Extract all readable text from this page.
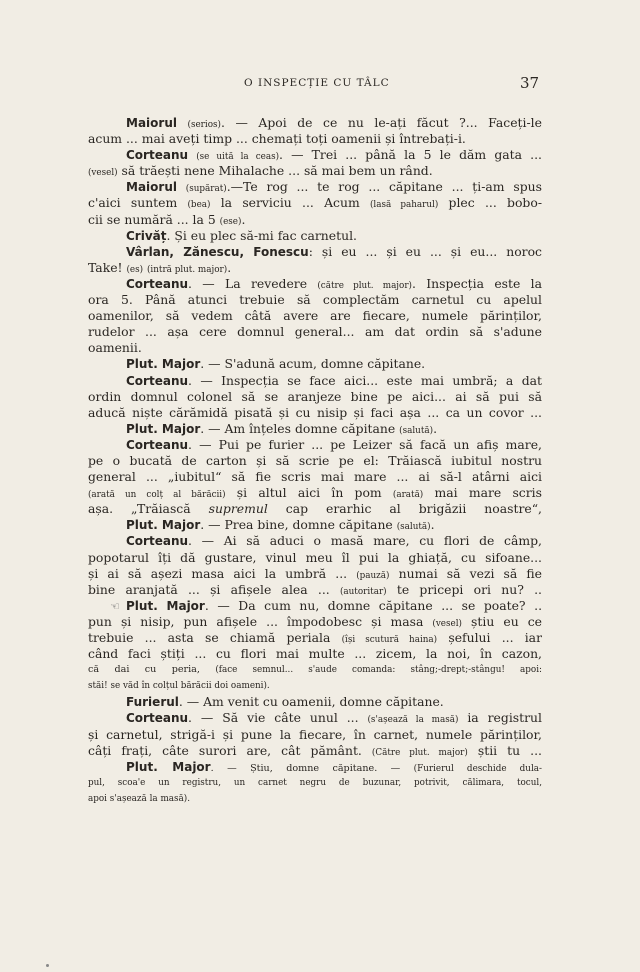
O INSPECȚIE CU TÂLC	37
Maiorul (serios). — Apoi de ce nu le-ați făcut ?... Faceți-le
acum ... mai aveți timp ... chemați toți oamenii și întrebați-i.
Corteanu (se uită la ceas). — Trei ... până la 5 le dăm gata ...
(vesel) să trăești nene Mihalache ... să mai bem un rând.
Maiorul (supărat).—Te rog ... te rog ... căpitane ... ți-am spus
c'aici suntem (bea) la serviciu ... Acum (lasă paharul) plec ... bobo-
cii se numără ... la 5 (ese).
Crivăț. Și eu plec să-mi fac carnetul.
Vârlan, Zănescu, Fonescu: și eu ... și eu ... și eu... noroc
Take! (es) (intră plut. major).
Corteanu. — La revedere (către plut. major). Inspecția este la
ora 5. Până atunci trebuie să complectăm carnetul cu apelul
oamenilor, să vedem câtă avere are fiecare, numele părinților,
rudelor ... așa cere domnul general... am dat ordin să s'adune
oamenii.
Plut. Major. — S'adună acum, domne căpitane.
Corteanu. — Inspecția se face aici... este mai umbră; a dat
ordin domnul colonel să se aranjeze bine pe aici... ai să pui să
aducă niște cărămidă pisată și cu nisip și faci așa ... ca un covor ...
Plut. Major. — Am înțeles domne căpitane (salută).
Corteanu. — Pui pe furier ... pe Leizer să facă un afiș mare,
pe o bucată de carton și să scrie pe el: Trăiască iubitul nostru
general ... „iubitul“ să fie scris mai mare ... ai să-l atârni aici
(arată un colț al bărăcii) și altul aici în pom (arată) mai mare scris
așa. „Trăiască supremul cap erarhic al brigăzii noastre“,
Plut. Major. — Prea bine, domne căpitane (salută).
Corteanu. — Ai să aduci o masă mare, cu flori de câmp,
popotarul îți dă gustare, vinul meu îl pui la ghiață, cu sifoane...
și ai să așezi masa aici la umbră ... (pauză) numai să vezi să fie
bine aranjată ... și afișele alea ... (autoritar) te pricepi ori nu? ..
☜ Plut. Major. — Da cum nu, domne căpitane ... se poate? ..
pun și nisip, pun afișele ... împodobesc și masa (vesel) știu eu ce
trebuie ... asta se chiamă periala (își scutură haina) șefului ... iar
când faci știți ... cu flori mai multe ... zicem, la noi, în cazon,
că dai cu peria, (face semnul... s'aude comanda: stâng;-drept;-stângu! apoi:
stăi! se văd în colțul bărăcii doi oameni).
Furierul. — Am venit cu oamenii, domne căpitane.
Corteanu. — Să vie câte unul ... (s'așează la masă) ia registrul
și carnetul, strigă-i și pune la fiecare, în carnet, numele părinților,
câți frați, câte surori are, cât pământ. (Către plut. major) știi tu ...
Plut. Major. — Știu, domne căpitane. — (Furierul deschide dula-
pul, scoa'e un registru, un carnet negru de buzunar, potrivit, călimara, tocul,
apoi s'așează la masă).
